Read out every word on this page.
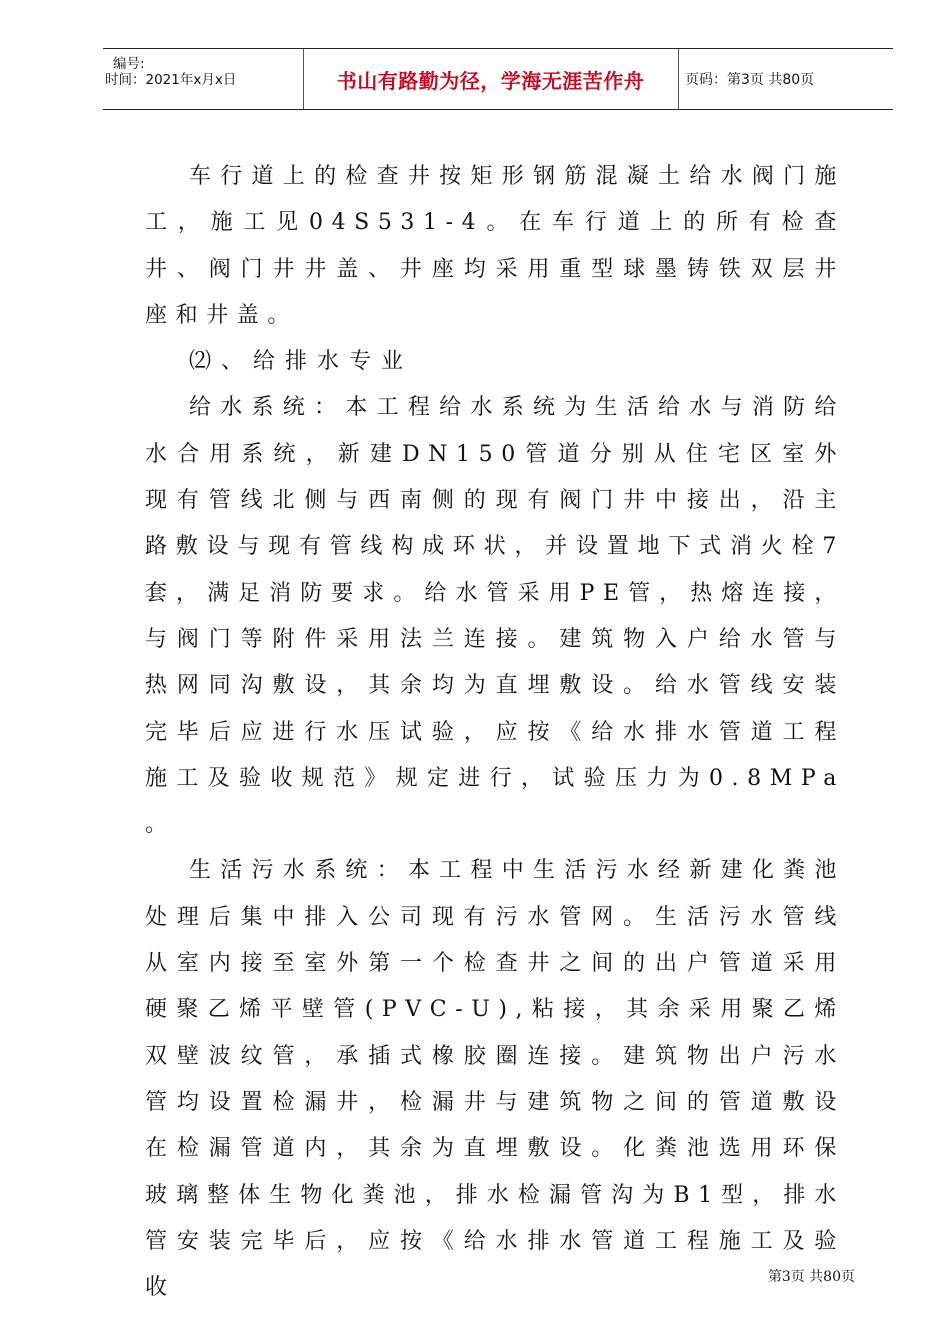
编号:
时间：2021年x月x日	书山有路勤为径，学海无涯苦作舟	页码：第3页 共80页

车行道上的检查井按矩形钢筋混凝土给水阀门施工，施工见04S531-4。在车行道上的所有检查井、阀门井井盖、井座均采用重型球墨铸铁双层井座和井盖。

⑵、给排水专业

给水系统：本工程给水系统为生活给水与消防给水合用系统，新建DN150管道分别从住宅区室外现有管线北侧与西南侧的现有阀门井中接出，沿主路敷设与现有管线构成环状，并设置地下式消火栓7套，满足消防要求。给水管采用PE管，热熔连接，与阀门等附件采用法兰连接。建筑物入户给水管与热网同沟敷设，其余均为直埋敷设。给水管线安装完毕后应进行水压试验，应按《给水排水管道工程施工及验收规范》规定进行，试验压力为0.8MPa 。

生活污水系统：本工程中生活污水经新建化粪池处理后集中排入公司现有污水管网。生活污水管线从室内接至室外第一个检查井之间的出户管道采用硬聚乙烯平壁管(PVC-U),粘接，其余采用聚乙烯双壁波纹管，承插式橡胶圈连接。建筑物出户污水管均设置检漏井，检漏井与建筑物之间的管道敷设在检漏管道内，其余为直埋敷设。化粪池选用环保玻璃整体生物化粪池，排水检漏管沟为B1型，排水管安装完毕后，应按《给水排水管道工程施工及验收	第3页 共80页
